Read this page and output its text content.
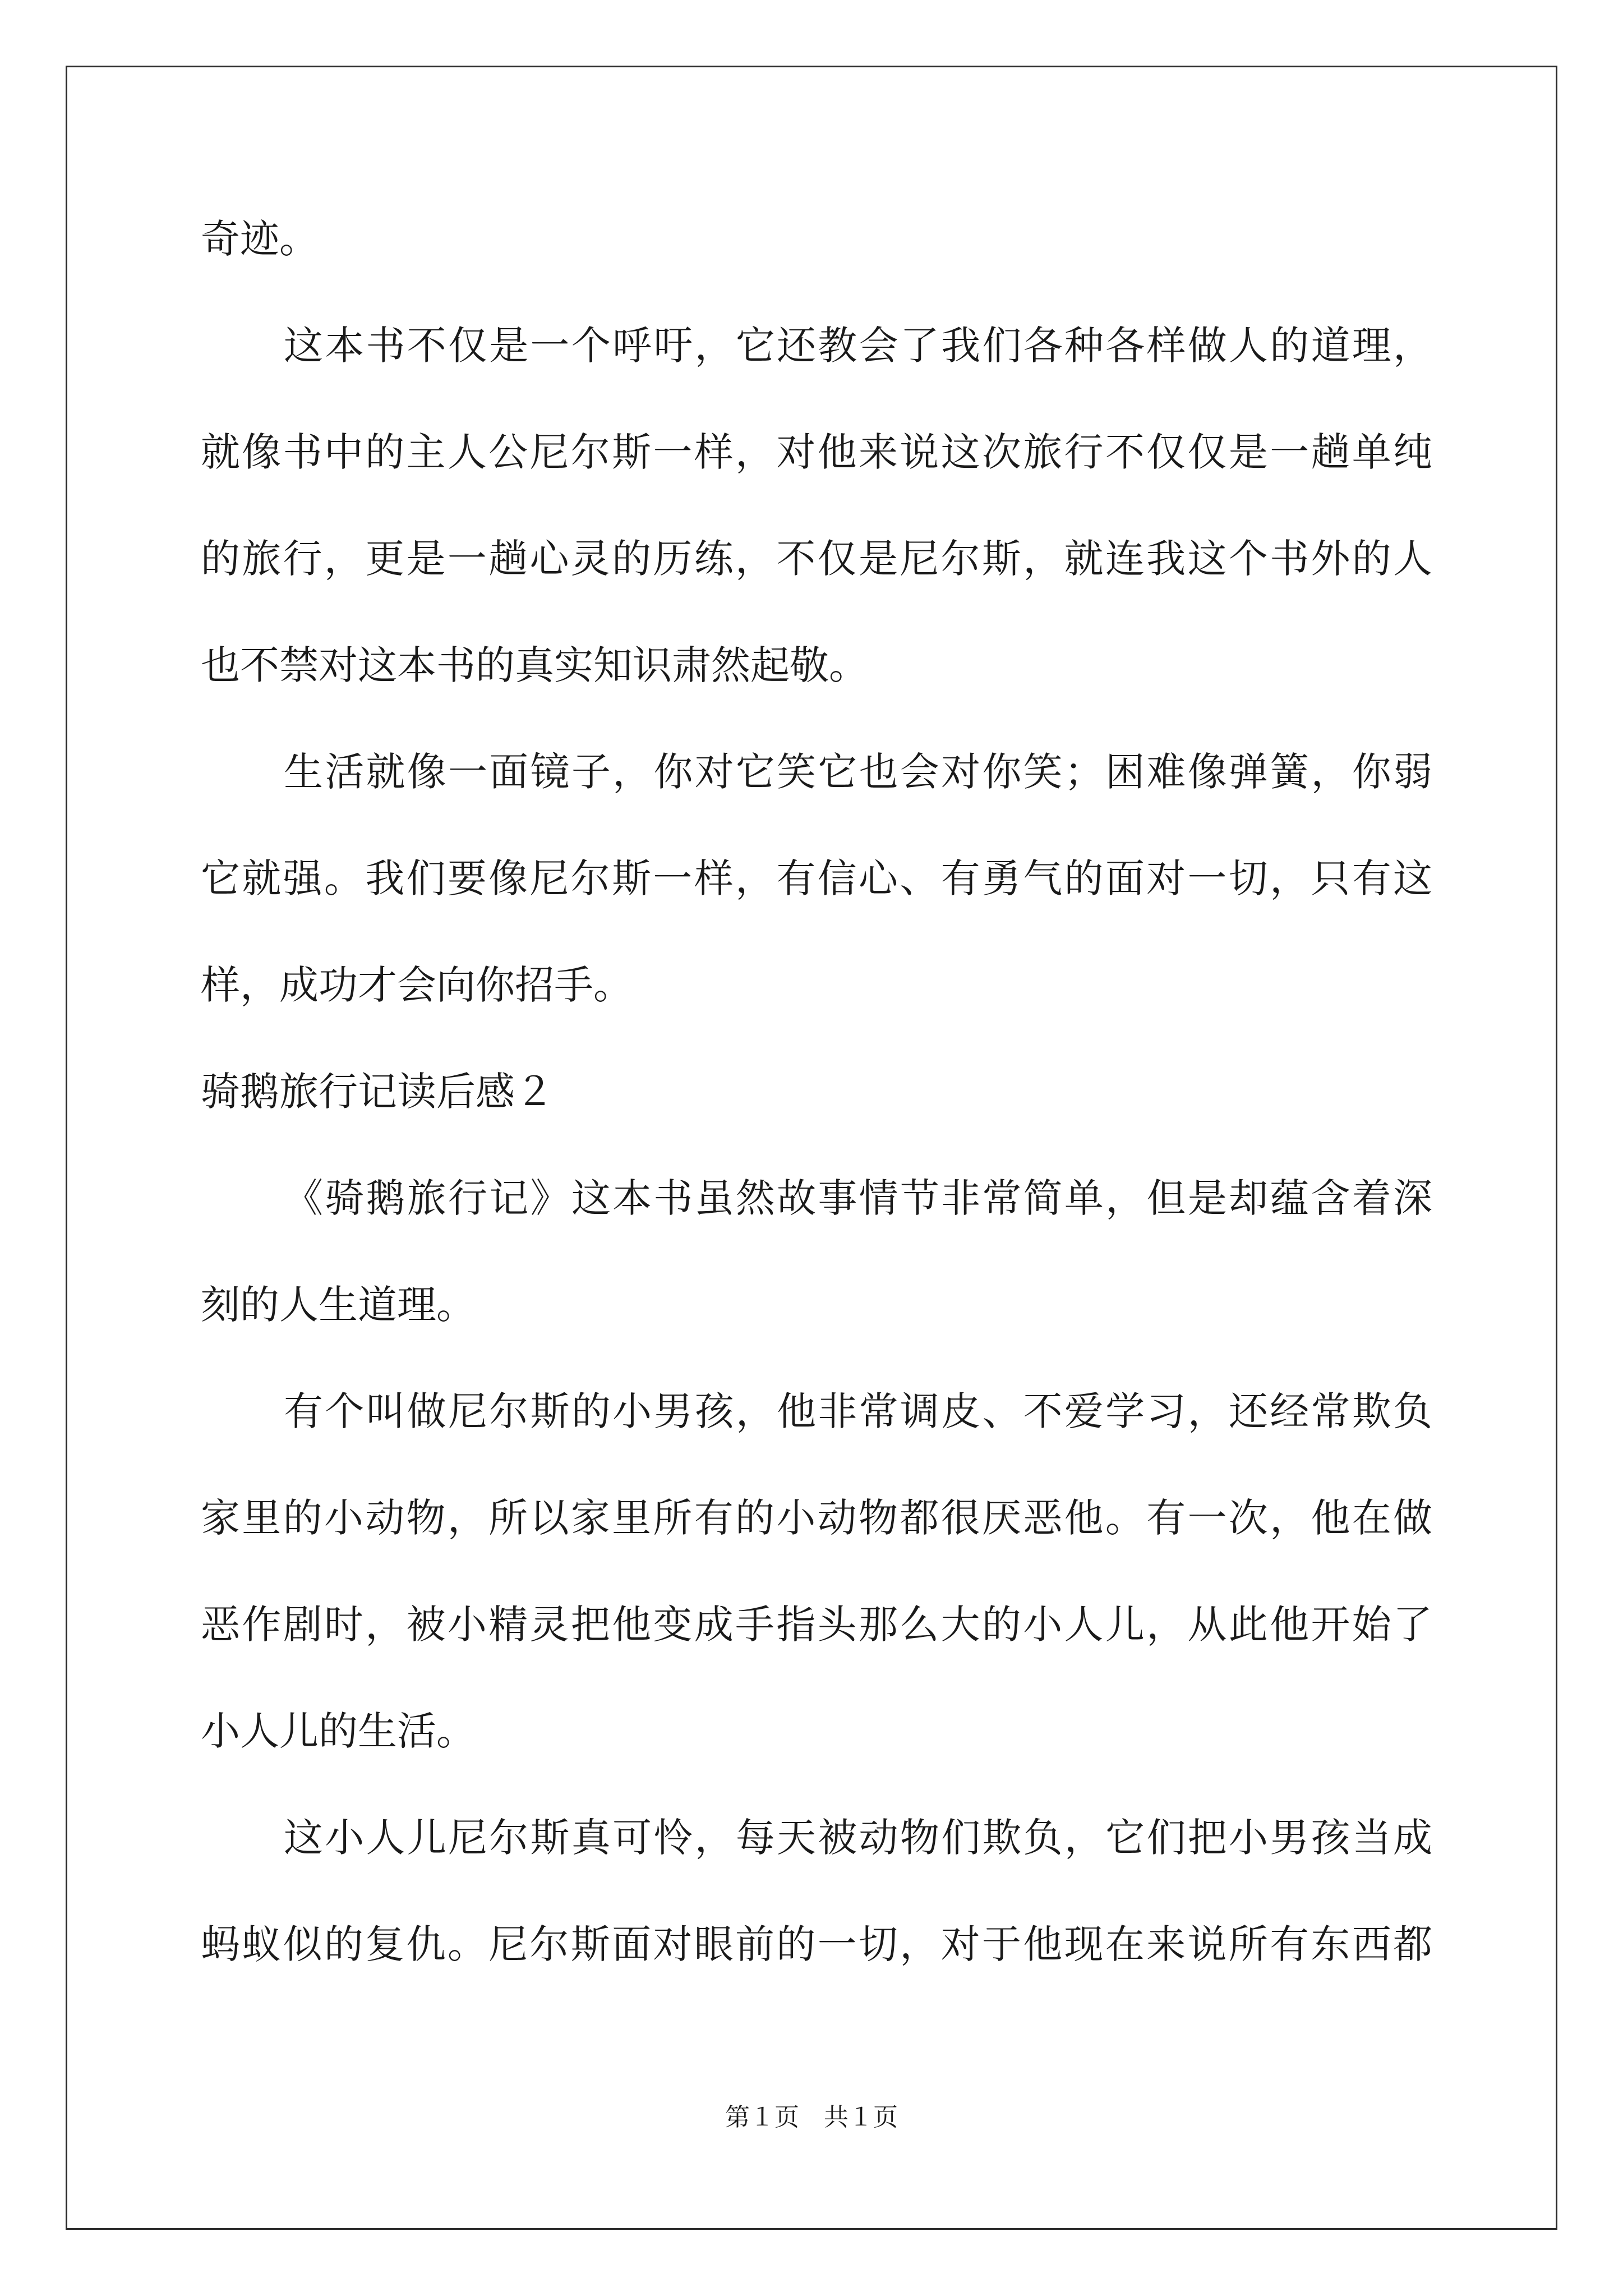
奇迹。
这本书不仅是一个呼吁，它还教会了我们各种各样做人的道理，
就像书中的主人公尼尔斯一样，对他来说这次旅行不仅仅是一趟单纯
的旅行，更是一趟心灵的历练，不仅是尼尔斯，就连我这个书外的人
也不禁对这本书的真实知识肃然起敬。
生活就像一面镜子，你对它笑它也会对你笑；困难像弹簧，你弱
它就强。我们要像尼尔斯一样，有信心、有勇气的面对一切，只有这
样，成功才会向你招手。
骑鹅旅行记读后感２
《骑鹅旅行记》这本书虽然故事情节非常简单，但是却蕴含着深
刻的人生道理。
有个叫做尼尔斯的小男孩，他非常调皮、不爱学习，还经常欺负
家里的小动物，所以家里所有的小动物都很厌恶他。有一次，他在做
恶作剧时，被小精灵把他变成手指头那么大的小人儿，从此他开始了
小人儿的生活。
这小人儿尼尔斯真可怜，每天被动物们欺负，它们把小男孩当成
蚂蚁似的复仇。尼尔斯面对眼前的一切，对于他现在来说所有东西都
第１页　共１页
